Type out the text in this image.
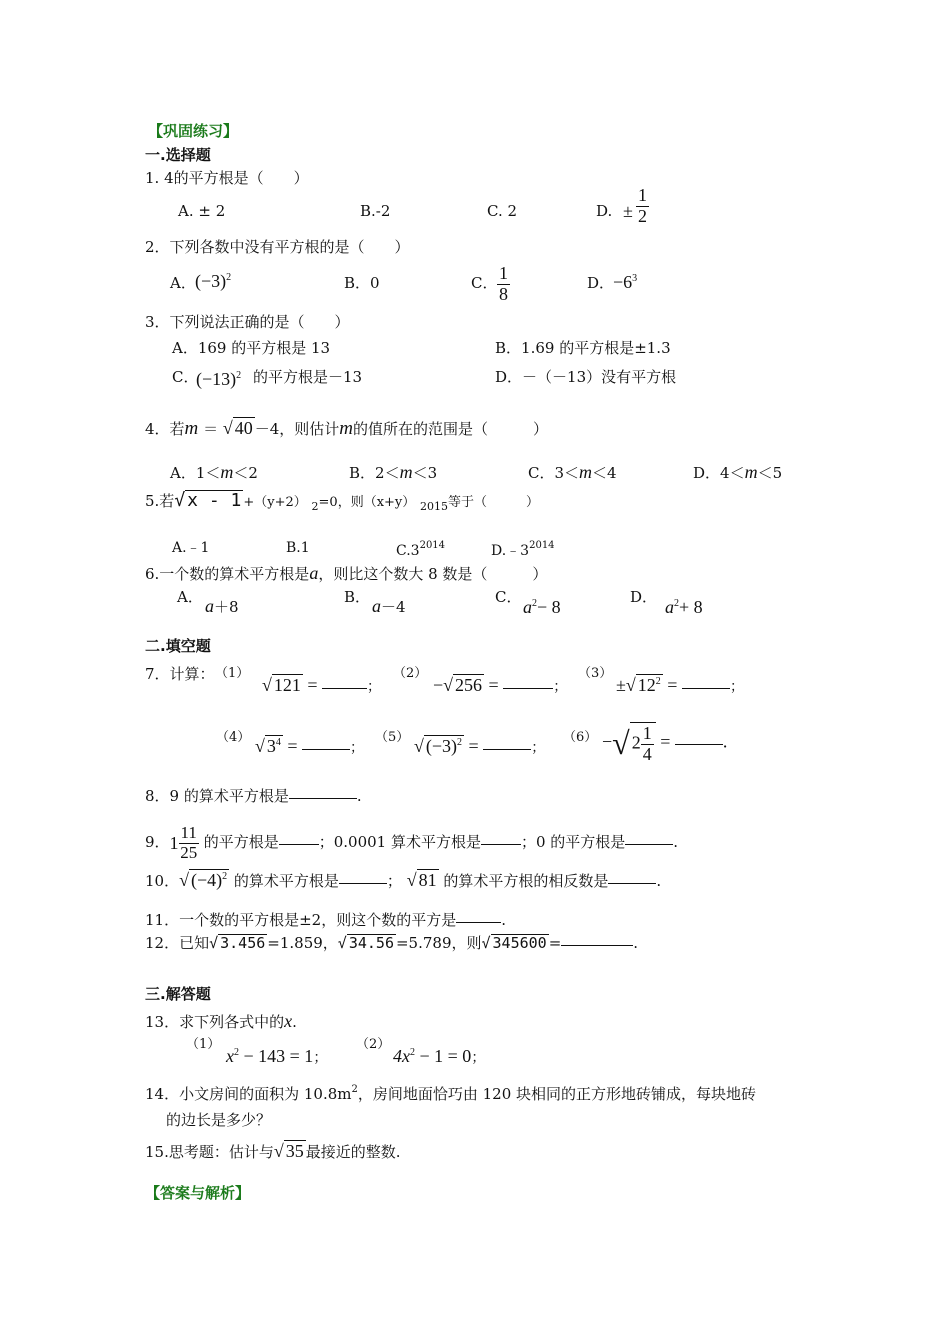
【巩固练习】
一.选择题
1. 4的平方根是（　　）
A. ± 2	B.-2	C. 2	D. ± $\frac{1}{2}$
2．下列各数中没有平方根的是（　　）
A． $(-3)^2$	B．0	C． $\frac{1}{8}$	D．
$-6^3$
3．下列说法正确的是（　　）
A．169 的平方根是 13	B．1.69 的平方根是±1.3
C．
$(-13)^2$ 的平方根是－13	D．－（－13）没有平方根
4．若m ＝ √ 40 －4，则估计m的值所在的范围是（　　　）
A．1＜m＜2	B．2＜m＜3	C．3＜m＜4	D．4＜m＜5
5.若√ x - 1 +（y+2） $_2$=0，则（x+y） $_{2015}$等于（　　　）
A.﹣1	B.1	$C.3^{2014}$	$D.﹣3^{2014}$
6.一个数的算术平方根是a，则比这个数大 8 数是（　　　）
A． a＋8
B． a－4
C． $a^2- 8$	D． $a^2+ 8$
二.填空题
7．计算： （1）
√ 121 =	；
（2）
−√ 256 =	；
（3）
±√ $12^2$ =	；
（4） √ $3^4$ =	；
（5） √ $(-3)^2$ =	；
（6） −√ $2 \frac{1}{4}$ =	.
8．9 的算术平方根是	.
9．$1 \frac{11}{25}$ 的平方根是	；0.0001 算术平方根是	；0 的平方根是	.
10．√ $(-4)^2$ 的算术平方根是	； √ 81 的算术平方根的相反数是	.
11．一个数的平方根是±2，则这个数的平方是	.
12．已知√ 3.456 =1.859，√ 34.56 =5.789，则√ 345600 =	.
三.解答题
13．求下列各式中的x.
（1）
$x^2 - 143 = 1$；
（2）
$4x^2 - 1 = 0$；
14．小文房间的面积为 $10.8m^2$，房间地面恰巧由 120 块相同的正方形地砖铺成，每块地砖
的边长是多少？
15.思考题：估计与√ 35 最接近的整数.
【答案与解析】
